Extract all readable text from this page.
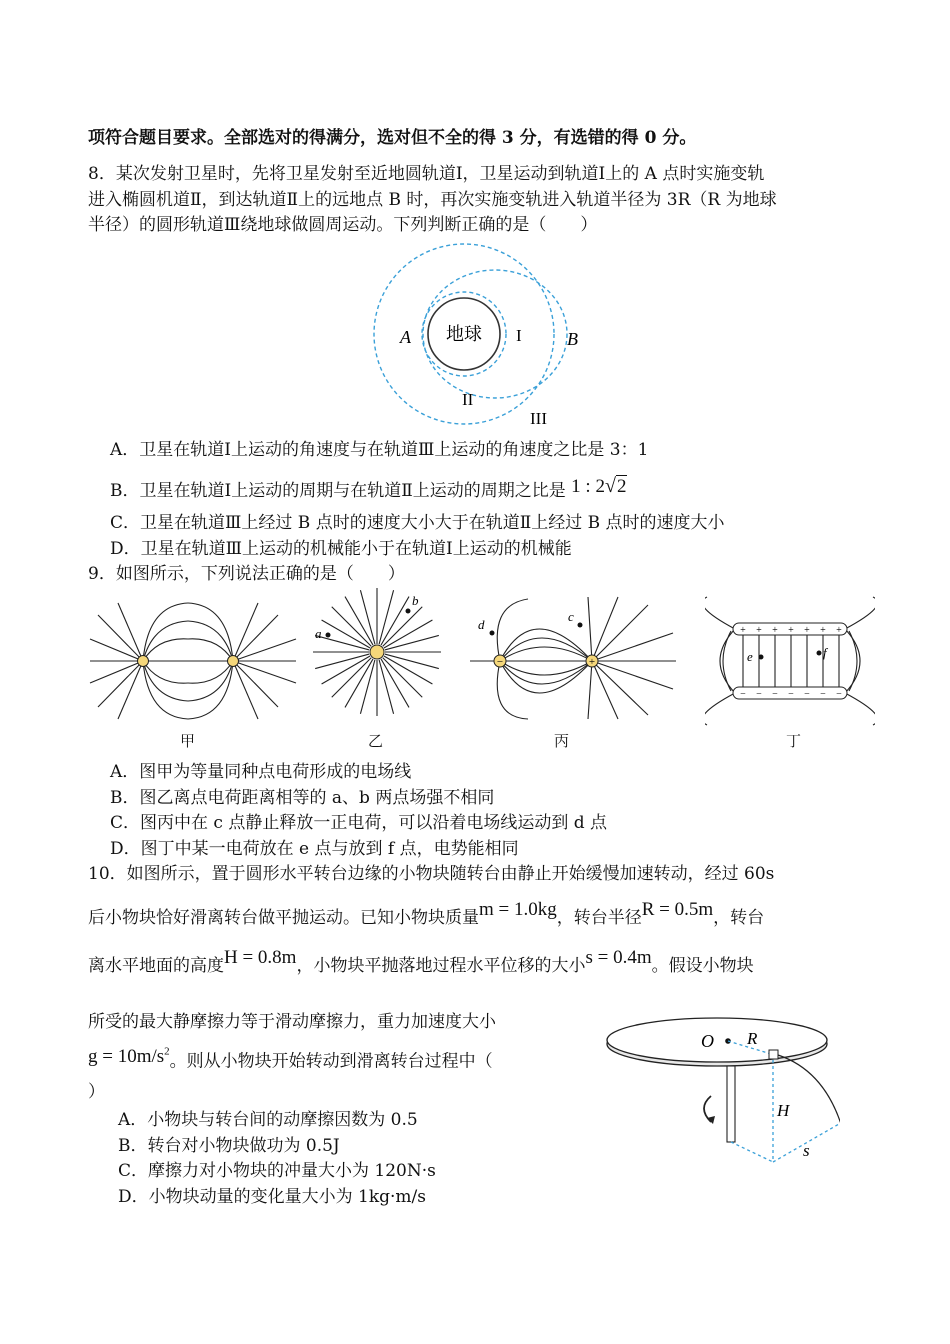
项符合题目要求。全部选对的得满分，选对但不全的得 3 分，有选错的得 0 分。
8．某次发射卫星时，先将卫星发射至近地圆轨道Ⅰ，卫星运动到轨道Ⅰ上的 A 点时实施变轨
进入椭圆机道Ⅱ，到达轨道Ⅱ上的远地点 B 时，再次实施变轨进入轨道半径为 3R（R 为地球
半径）的圆形轨道Ⅲ绕地球做圆周运动。下列判断正确的是（　　）
地球
A	B
I
II
III
A．卫星在轨道Ⅰ上运动的角速度与在轨道Ⅲ上运动的角速度之比是 3：1
B．卫星在轨道Ⅰ上运动的周期与在轨道Ⅱ上运动的周期之比是 1 : 2√2
C．卫星在轨道Ⅲ上经过 B 点时的速度大小大于在轨道Ⅱ上经过 B 点时的速度大小
D．卫星在轨道Ⅲ上运动的机械能小于在轨道Ⅰ上运动的机械能
9．如图所示，下列说法正确的是（　　）
甲
a
b
乙
−	+
d
c
丙
+
−
+
−
+
−
+
−
+
−
+
−
+
−
e	f
丁
A．图甲为等量同种点电荷形成的电场线
B．图乙离点电荷距离相等的 a、b 两点场强不相同
C．图丙中在 c 点静止释放一正电荷，可以沿着电场线运动到 d 点
D．图丁中某一电荷放在 e 点与放到 f 点，电势能相同
10．如图所示，置于圆形水平转台边缘的小物块随转台由静止开始缓慢加速转动，经过 60s
后小物块恰好滑离转台做平抛运动。已知小物块质量m = 1.0kg，转台半径R = 0.5m，转台
离水平地面的高度H = 0.8m，小物块平抛落地过程水平位移的大小s = 0.4m。假设小物块
所受的最大静摩擦力等于滑动摩擦力，重力加速度大小
$g = 10m/s^2$。则从小物块开始转动到滑离转台过程中（
）
A．小物块与转台间的动摩擦因数为 0.5
B．转台对小物块做功为 0.5J
C．摩擦力对小物块的冲量大小为 120N·s
D．小物块动量的变化量大小为 1kg·m/s
O R
H
s
